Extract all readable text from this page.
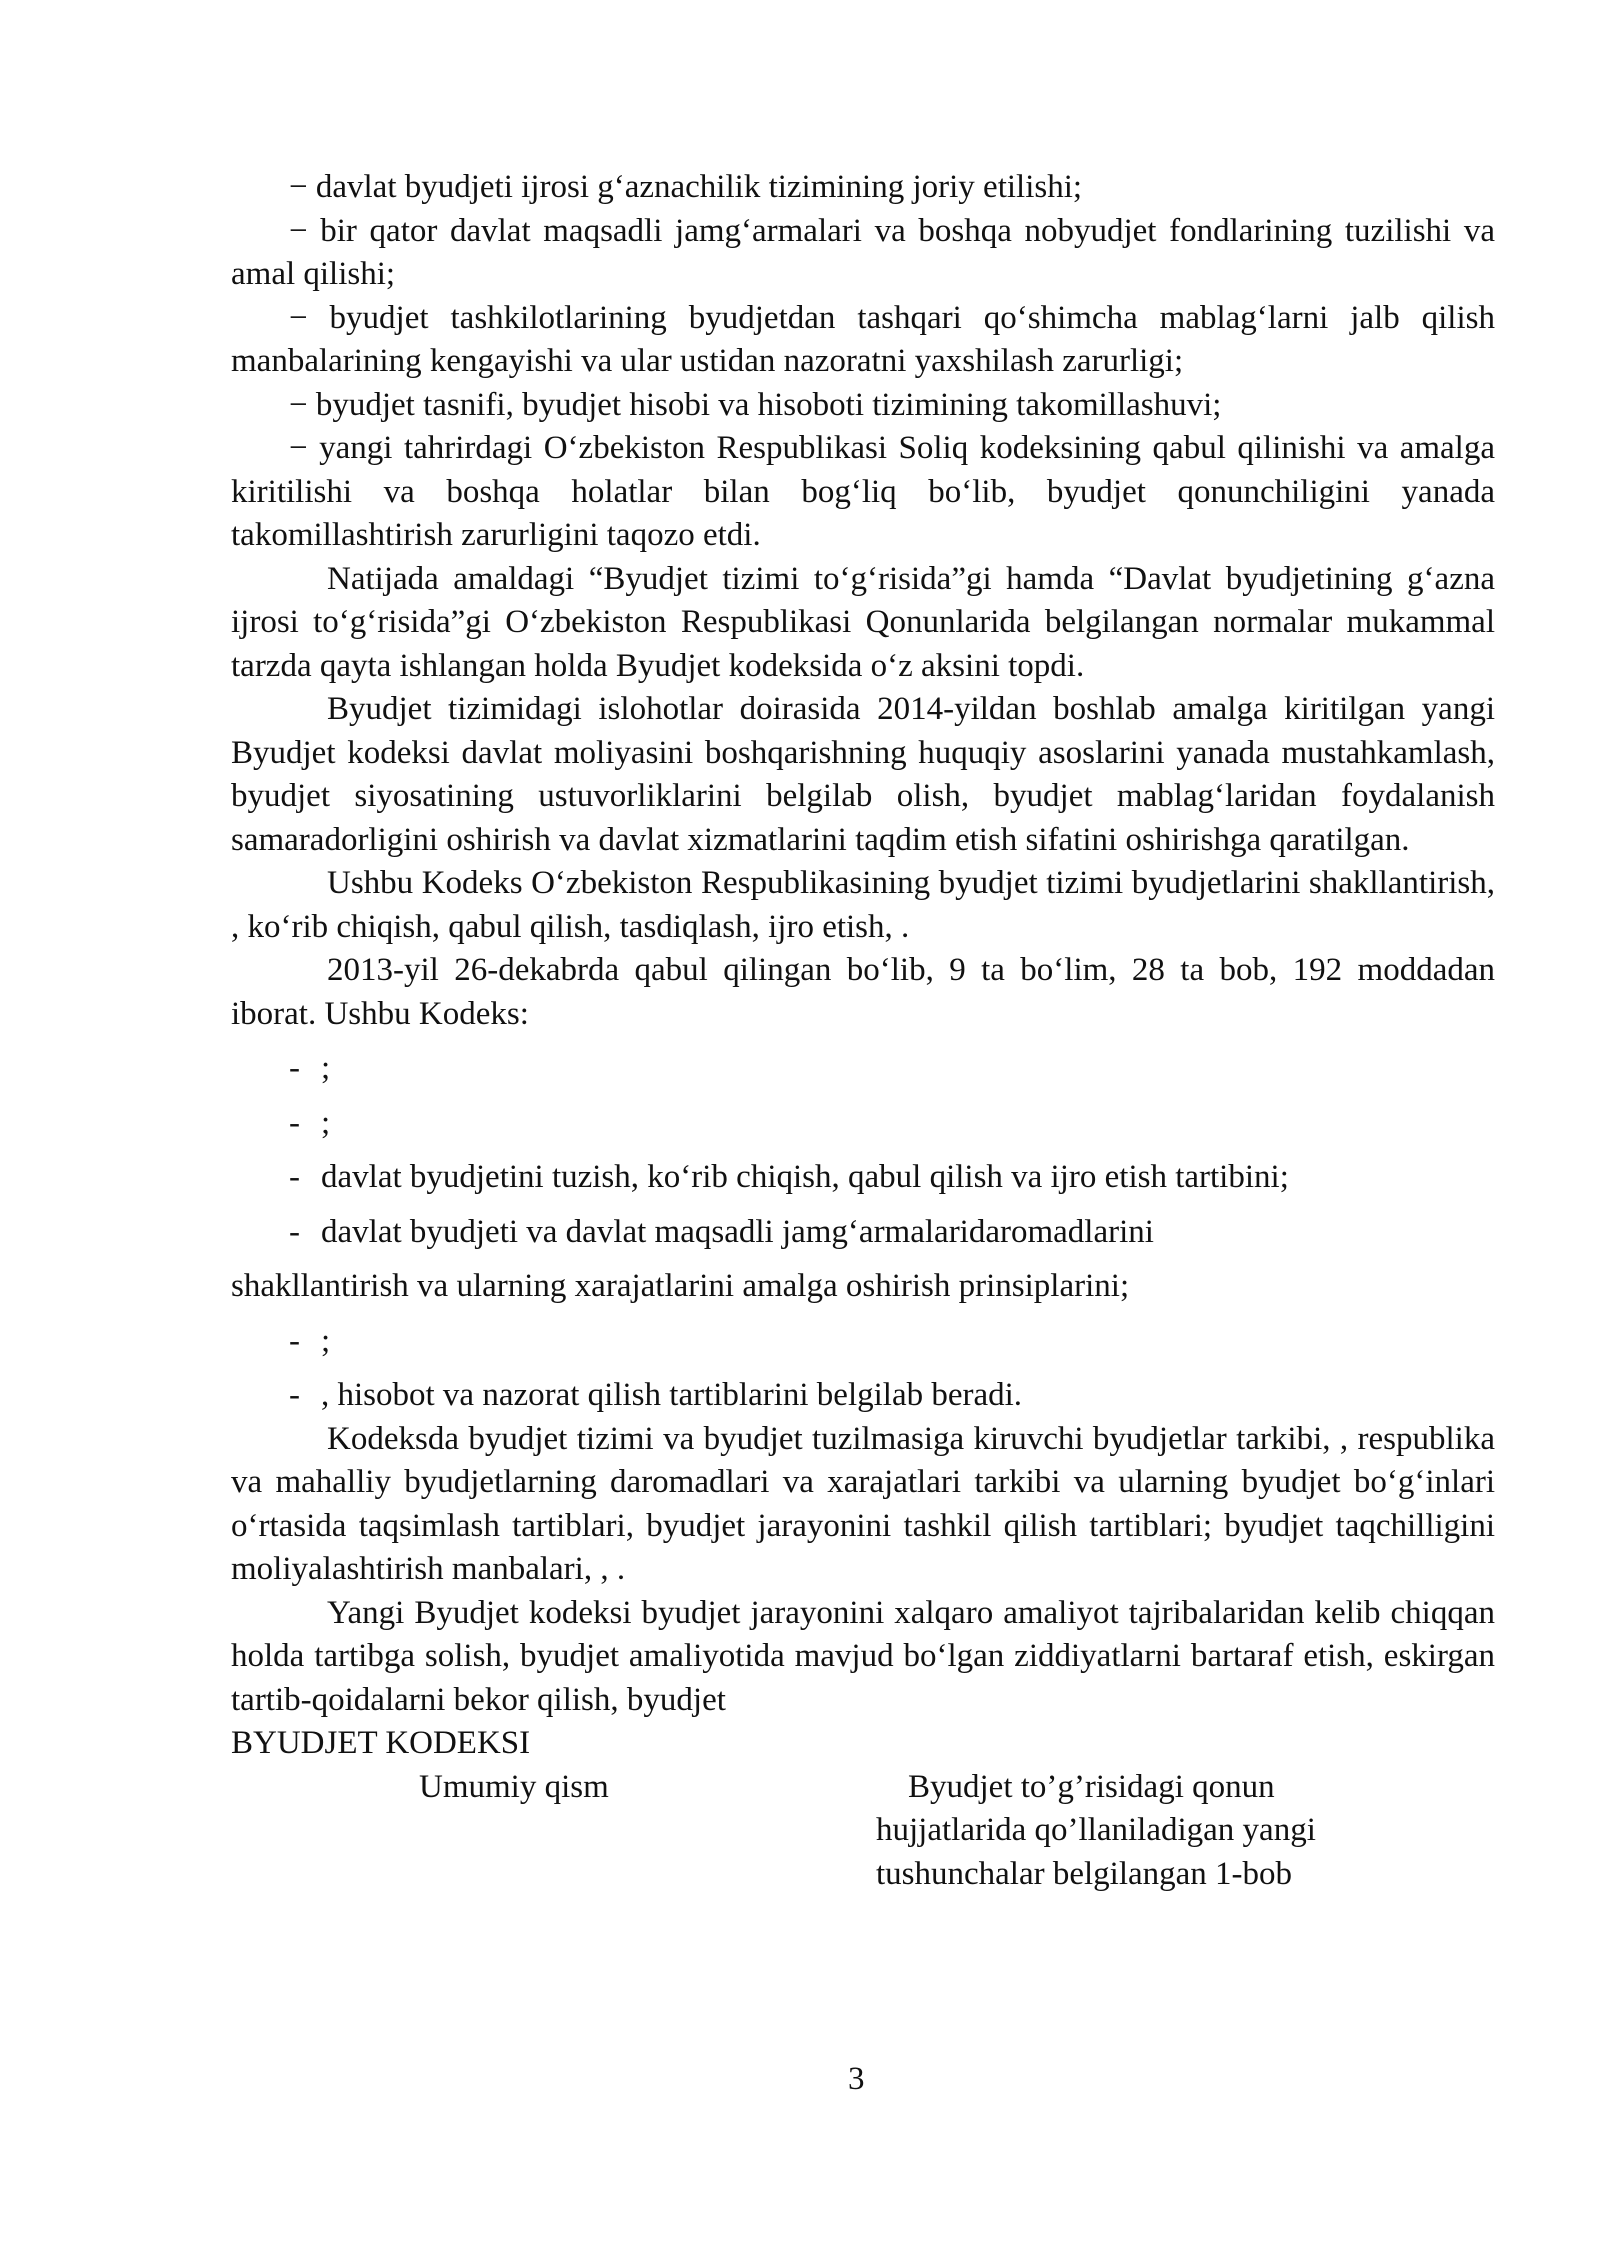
− davlat byudjeti ijrosi g‘aznachilik tizimining joriy etilishi;

− bir qator davlat maqsadli jamg‘armalari va boshqa nobyudjet fondlarining tuzilishi va amal qilishi;

− byudjet tashkilotlarining byudjetdan tashqari qo‘shimcha mablag‘larni jalb qilish manbalarining kengayishi va ular ustidan nazoratni yaxshilash zarurligi;

− byudjet tasnifi, byudjet hisobi va hisoboti tizimining takomillashuvi;

− yangi tahrirdagi O‘zbekiston Respublikasi Soliq kodeksining qabul qilinishi va amalga kiritilishi va boshqa holatlar bilan bog‘liq bo‘lib, byudjet qonunchiligini yanada takomillashtirish zarurligini taqozo etdi.

Natijada amaldagi “Byudjet tizimi to‘g‘risida”gi hamda “Davlat byudjetining g‘azna ijrosi to‘g‘risida”gi O‘zbekiston Respublikasi Qonunlarida belgilangan normalar mukammal tarzda qayta ishlangan holda Byudjet kodeksida o‘z aksini topdi.

Byudjet tizimidagi islohotlar doirasida 2014-yildan boshlab amalga kiritilgan yangi Byudjet kodeksi davlat moliyasini boshqarishning huquqiy asoslarini yanada mustahkamlash, byudjet siyosatining ustuvorliklarini belgilab olish, byudjet mablag‘laridan foydalanish samaradorligini oshirish va davlat xizmatlarini taqdim etish sifatini oshirishga qaratilgan.

Ushbu Kodeks O‘zbekiston Respublikasining byudjet tizimi byudjetlarini shakllantirish, , ko‘rib chiqish, qabul qilish, tasdiqlash, ijro etish, .

2013-yil 26-dekabrda qabul qilingan bo‘lib, 9 ta bo‘lim, 28 ta bob, 192 moddadan iborat. Ushbu Kodeks:

- ;

- ;

- davlat byudjetini tuzish, ko‘rib chiqish, qabul qilish va ijro etish tartibini;

- davlat byudjeti va davlat maqsadli jamg‘armalaridaromadlarini

shakllantirish va ularning xarajatlarini amalga oshirish prinsiplarini;

- ;

- , hisobot va nazorat qilish tartiblarini belgilab beradi.

Kodeksda byudjet tizimi va byudjet tuzilmasiga kiruvchi byudjetlar tarkibi, , respublika va mahalliy byudjetlarning daromadlari va xarajatlari tarkibi va ularning byudjet bo‘g‘inlari o‘rtasida taqsimlash tartiblari, byudjet jarayonini tashkil qilish tartiblari; byudjet taqchilligini moliyalashtirish manbalari, , .

Yangi Byudjet kodeksi byudjet jarayonini xalqaro amaliyot tajribalaridan kelib chiqqan holda tartibga solish, byudjet amaliyotida mavjud bo‘lgan ziddiyatlarni bartaraf etish, eskirgan tartib-qoidalarni bekor qilish, byudjet

BYUDJET KODEKSI

Umumiy qism	Byudjet to’g’risidagi qonun
hujjatlarida qo’llaniladigan yangi
tushunchalar belgilangan 1-bob
3
